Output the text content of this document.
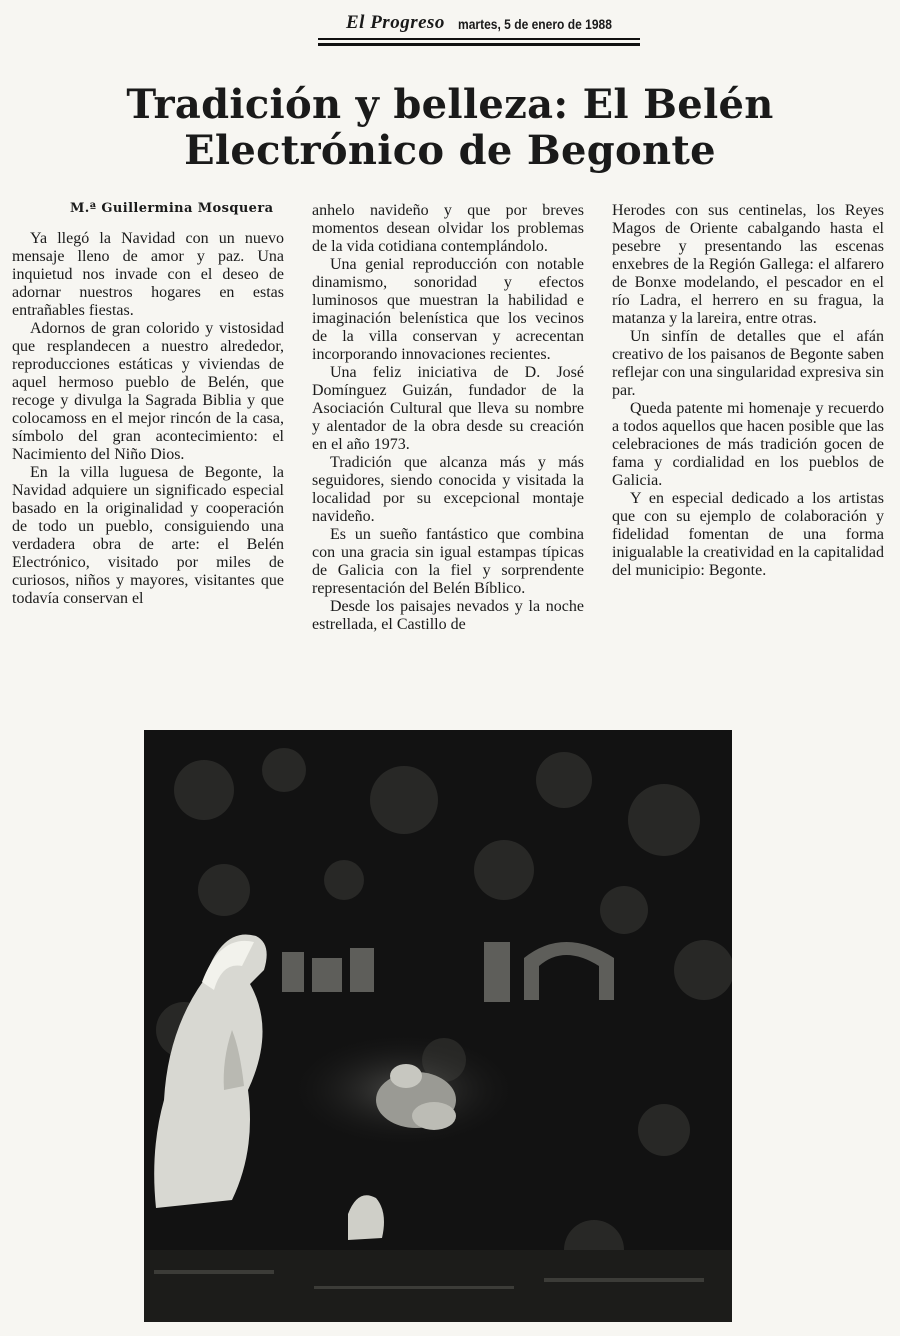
El Progreso martes, 5 de enero de 1988
Tradición y belleza: El Belén
Electrónico de Begonte
M.ª Guillermina Mosquera

Ya llegó la Navidad con un nuevo mensaje lleno de amor y paz. Una inquietud nos invade con el deseo de adornar nuestros hogares en estas entrañables fiestas.

Adornos de gran colorido y vistosidad que resplandecen a nuestro alrededor, reproducciones estáticas y viviendas de aquel hermoso pueblo de Belén, que recoge y divulga la Sagrada Biblia y que colocamoss en el mejor rincón de la casa, símbolo del gran acontecimiento: el Nacimiento del Niño Dios.

En la villa luguesa de Begonte, la Navidad adquiere un significado especial basado en la originalidad y cooperación de todo un pueblo, consiguiendo una verdadera obra de arte: el Belén Electrónico, visitado por miles de curiosos, niños y mayores, visitantes que todavía conservan el

anhelo navideño y que por breves momentos desean olvidar los problemas de la vida cotidiana contemplándolo.

Una genial reproducción con notable dinamismo, sonoridad y efectos luminosos que muestran la habilidad e imaginación belenística que los vecinos de la villa conservan y acrecentan incorporando innovaciones recientes.

Una feliz iniciativa de D. José Domínguez Guizán, fundador de la Asociación Cultural que lleva su nombre y alentador de la obra desde su creación en el año 1973.

Tradición que alcanza más y más seguidores, siendo conocida y visitada la localidad por su excepcional montaje navideño.

Es un sueño fantástico que combina con una gracia sin igual estampas típicas de Galicia con la fiel y sorprendente representación del Belén Bíblico.

Desde los paisajes nevados y la noche estrellada, el Castillo de

Herodes con sus centinelas, los Reyes Magos de Oriente cabalgando hasta el pesebre y presentando las escenas enxebres de la Región Gallega: el alfarero de Bonxe modelando, el pescador en el río Ladra, el herrero en su fragua, la matanza y la lareira, entre otras.

Un sinfín de detalles que el afán creativo de los paisanos de Begonte saben reflejar con una singularidad expresiva sin par.

Queda patente mi homenaje y recuerdo a todos aquellos que hacen posible que las celebraciones de más tradición gocen de fama y cordialidad en los pueblos de Galicia.

Y en especial dedicado a los artistas que con su ejemplo de colaboración y fidelidad fomentan de una forma inigualable la creatividad en la capitalidad del municipio: Begonte.
